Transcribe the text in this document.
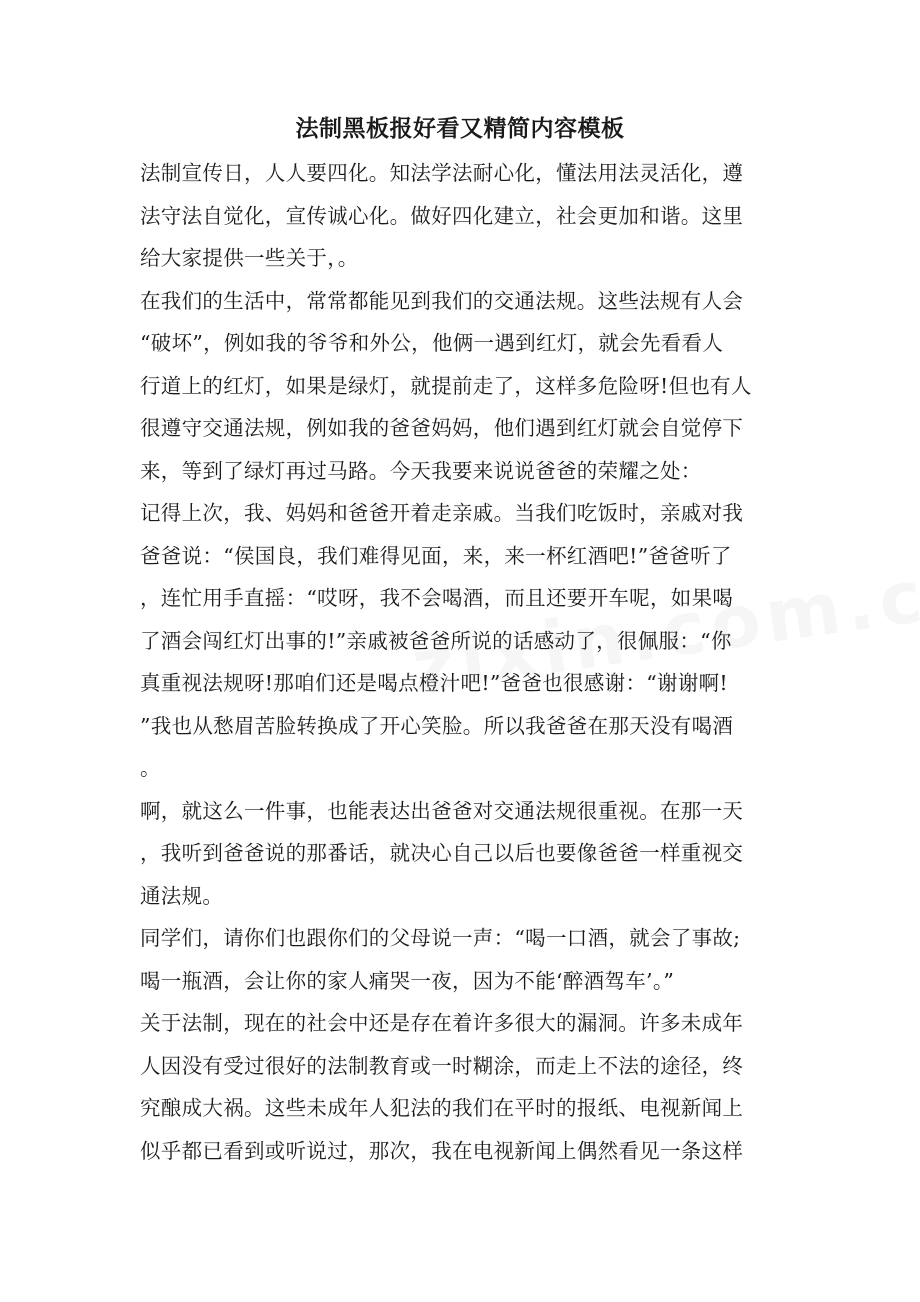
法制黑板报好看又精简内容模板
法制宣传日，人人要四化。知法学法耐心化，懂法用法灵活化，遵
法守法自觉化，宣传诚心化。做好四化建立，社会更加和谐。这里
给大家提供一些关于，。
在我们的生活中，常常都能见到我们的交通法规。这些法规有人会
“破坏”，例如我的爷爷和外公，他俩一遇到红灯，就会先看看人
行道上的红灯，如果是绿灯，就提前走了，这样多危险呀!但也有人
很遵守交通法规，例如我的爸爸妈妈，他们遇到红灯就会自觉停下
来，等到了绿灯再过马路。今天我要来说说爸爸的荣耀之处：
记得上次，我、妈妈和爸爸开着走亲戚。当我们吃饭时，亲戚对我
爸爸说：“侯国良，我们难得见面，来，来一杯红酒吧!”爸爸听了
，连忙用手直摇：“哎呀，我不会喝酒，而且还要开车呢，如果喝
了酒会闯红灯出事的!”亲戚被爸爸所说的话感动了，很佩服：“你
真重视法规呀!那咱们还是喝点橙汁吧!”爸爸也很感谢：“谢谢啊!
”我也从愁眉苦脸转换成了开心笑脸。所以我爸爸在那天没有喝酒
。
啊，就这么一件事，也能表达出爸爸对交通法规很重视。在那一天
，我听到爸爸说的那番话，就决心自己以后也要像爸爸一样重视交
通法规。
同学们，请你们也跟你们的父母说一声：“喝一口酒，就会了事故;
喝一瓶酒，会让你的家人痛哭一夜，因为不能‘醉酒驾车’。”
关于法制，现在的社会中还是存在着许多很大的漏洞。许多未成年
人因没有受过很好的法制教育或一时糊涂，而走上不法的途径，终
究酿成大祸。这些未成年人犯法的我们在平时的报纸、电视新闻上
似乎都已看到或听说过，那次，我在电视新闻上偶然看见一条这样
